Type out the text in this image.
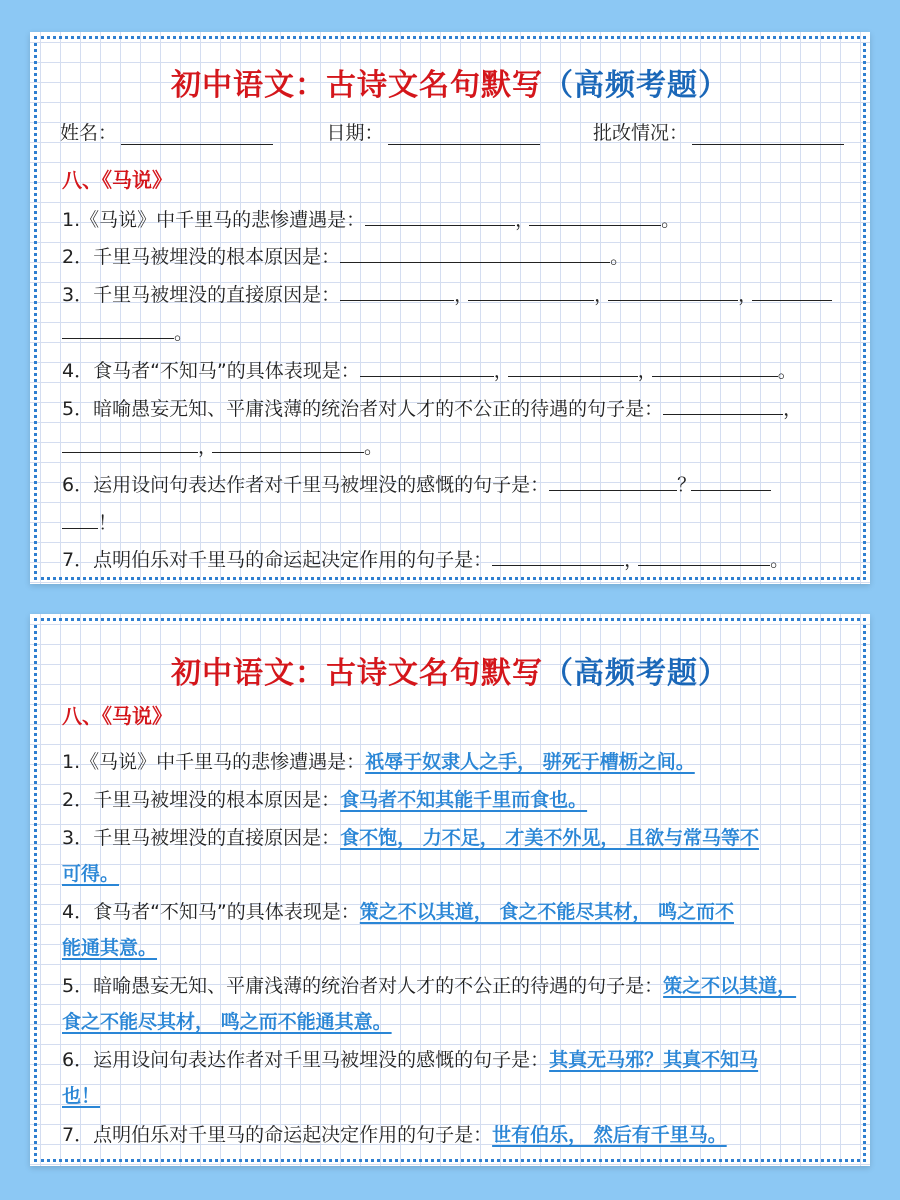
初中语文：古诗文名句默写（高频考题）
姓名：	日期：	批改情况：
八、《马说》
1.《马说》中千里马的悲惨遭遇是：	，	。
2．千里马被埋没的根本原因是：	。
3．千里马被埋没的直接原因是：	，	，	，
。
4．食马者“不知马”的具体表现是：	，	，	。
5．暗喻愚妄无知、平庸浅薄的统治者对人才的不公正的待遇的句子是：	，
，	。
6．运用设问句表达作者对千里马被埋没的感慨的句子是：	？
！
7．点明伯乐对千里马的命运起决定作用的句子是：	，	。
初中语文：古诗文名句默写（高频考题）
八、《马说》
1.《马说》中千里马的悲惨遭遇是：祇辱于奴隶人之手， 骈死于槽枥之间。
2．千里马被埋没的根本原因是：食马者不知其能千里而食也。
3．千里马被埋没的直接原因是：食不饱， 力不足， 才美不外见， 且欲与常马等不
可得。
4．食马者“不知马”的具体表现是：策之不以其道， 食之不能尽其材， 鸣之而不
能通其意。
5．暗喻愚妄无知、平庸浅薄的统治者对人才的不公正的待遇的句子是：策之不以其道，
食之不能尽其材， 鸣之而不能通其意。
6．运用设问句表达作者对千里马被埋没的感慨的句子是：其真无马邪？其真不知马
也！
7．点明伯乐对千里马的命运起决定作用的句子是：世有伯乐， 然后有千里马。
